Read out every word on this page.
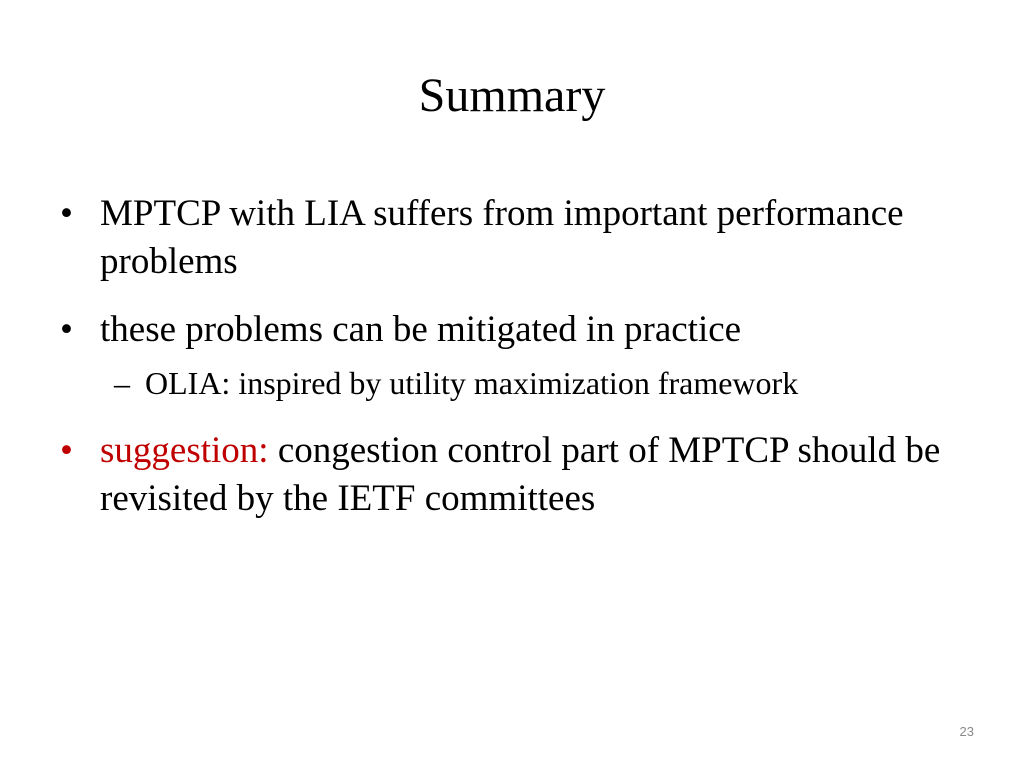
Summary
• MPTCP with LIA suffers from important performance problems
• these problems can be mitigated in practice
– OLIA: inspired by utility maximization framework
• suggestion: congestion control part of MPTCP should be revisited by the IETF committees
23
